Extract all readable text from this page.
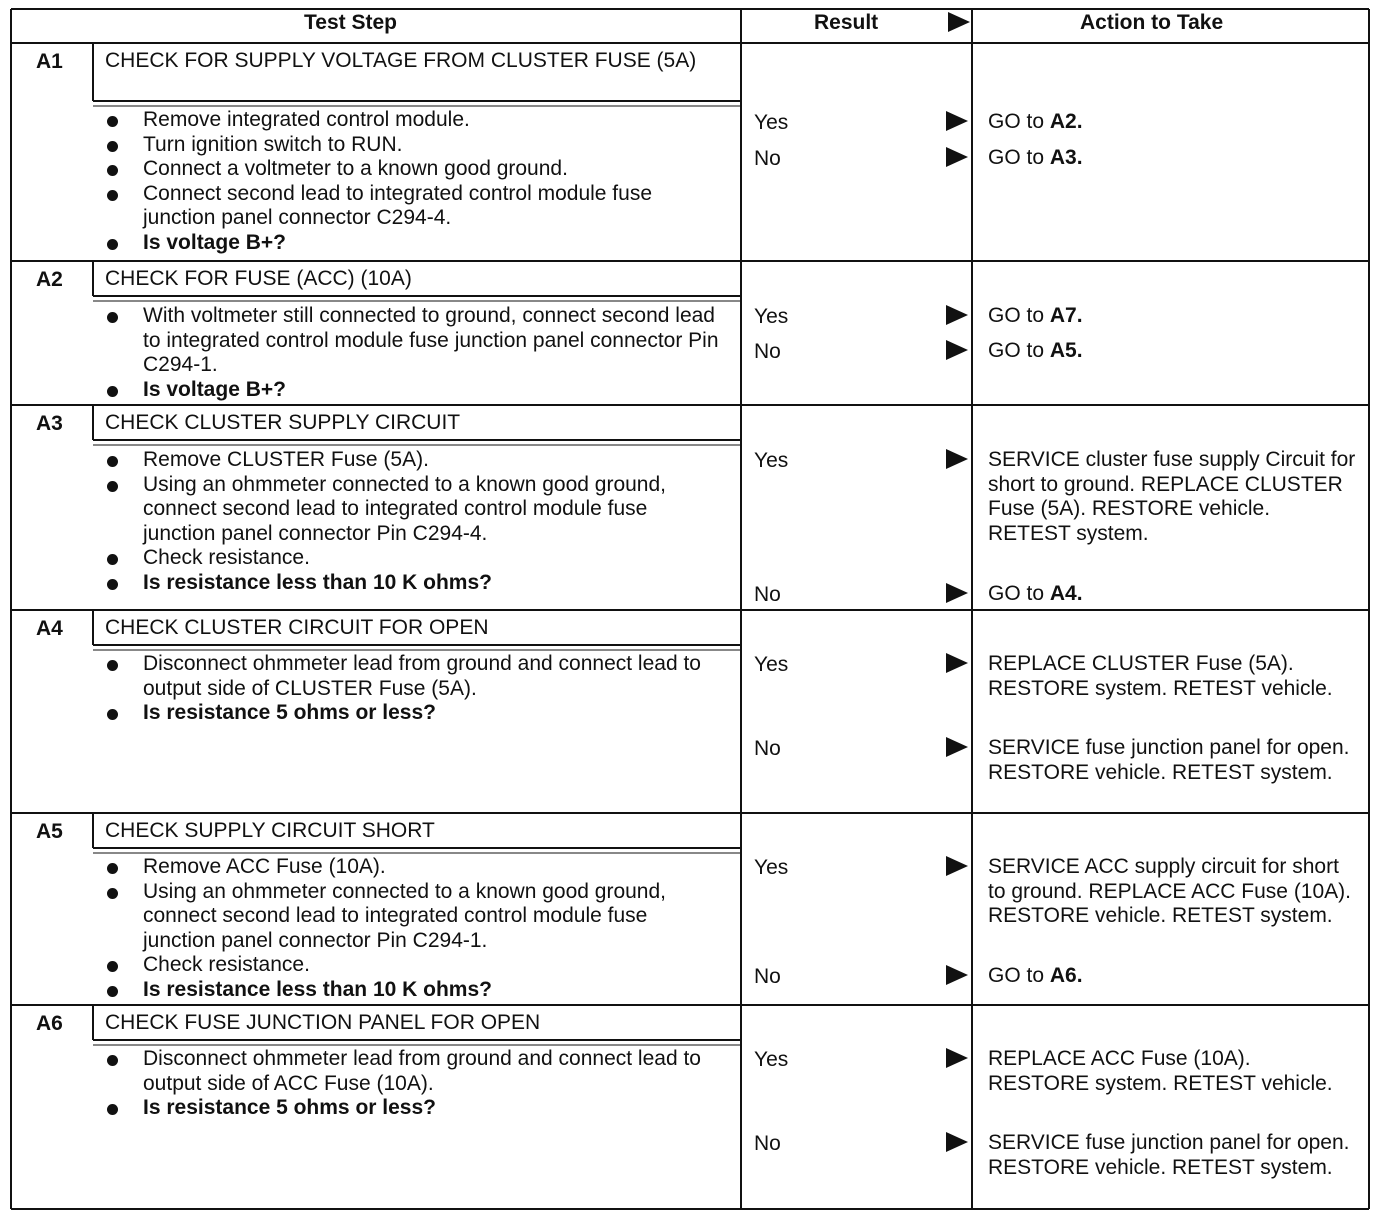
Test Step	Result	Action to Take
A1 CHECK FOR SUPPLY VOLTAGE FROM CLUSTER FUSE (5A)
Remove integrated control module.
Turn ignition switch to RUN.
Connect a voltmeter to a known good ground.
Connect second lead to integrated control module fuse junction panel connector C294-4.
Is voltage B+?
Yes	GO to A2.
No	GO to A3.
A2 CHECK FOR FUSE (ACC) (10A)
With voltmeter still connected to ground, connect second lead to integrated control module fuse junction panel connector Pin C294-1.
Is voltage B+?
Yes	GO to A7.
No	GO to A5.
A3 CHECK CLUSTER SUPPLY CIRCUIT
Remove CLUSTER Fuse (5A).
Using an ohmmeter connected to a known good ground, connect second lead to integrated control module fuse junction panel connector Pin C294-4.
Check resistance.
Is resistance less than 10 K ohms?
Yes	SERVICE cluster fuse supply Circuit for short to ground. REPLACE CLUSTER Fuse (5A). RESTORE vehicle. RETEST system.
No	GO to A4.
A4 CHECK CLUSTER CIRCUIT FOR OPEN
Disconnect ohmmeter lead from ground and connect lead to output side of CLUSTER Fuse (5A).
Is resistance 5 ohms or less?
Yes	REPLACE CLUSTER Fuse (5A). RESTORE system. RETEST vehicle.
No	SERVICE fuse junction panel for open. RESTORE vehicle. RETEST system.
A5 CHECK SUPPLY CIRCUIT SHORT
Remove ACC Fuse (10A).
Using an ohmmeter connected to a known good ground, connect second lead to integrated control module fuse junction panel connector Pin C294-1.
Check resistance.
Is resistance less than 10 K ohms?
Yes	SERVICE ACC supply circuit for short to ground. REPLACE ACC Fuse (10A). RESTORE vehicle. RETEST system.
No	GO to A6.
A6 CHECK FUSE JUNCTION PANEL FOR OPEN
Disconnect ohmmeter lead from ground and connect lead to output side of ACC Fuse (10A).
Is resistance 5 ohms or less?
Yes	REPLACE ACC Fuse (10A). RESTORE system. RETEST vehicle.
No	SERVICE fuse junction panel for open. RESTORE vehicle. RETEST system.
